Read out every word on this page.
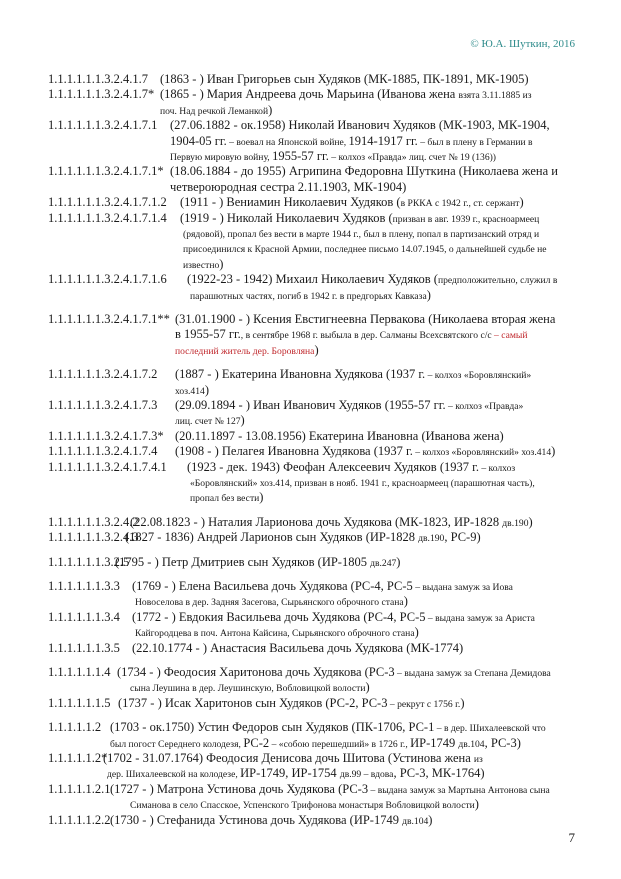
© Ю.А. Шуткин, 2016
1.1.1.1.1.1.3.2.4.1.7 (1863 - ) Иван Григорьев сын Худяков (МК-1885, ПК-1891, МК-1905)
1.1.1.1.1.1.3.2.4.1.7* (1865 - ) Мария Андреева дочь Марьина (Иванова жена взята 3.11.1885 из
поч. Над речкой Леманкой)
1.1.1.1.1.1.3.2.4.1.7.1 (27.06.1882 - ок.1958) Николай Иванович Худяков (МК-1903, МК-1904,
1904-05 гг. – воевал на Японской войне, 1914-1917 гг. – был в плену в Германии в
Первую мировую войну, 1955-57 гг. – колхоз «Правда» лиц. счет № 19 (136))
1.1.1.1.1.1.3.2.4.1.7.1* (18.06.1884 - до 1955) Агрипина Федоровна Шуткина (Николаева жена и
четвероюродная сестра 2.11.1903, МК-1904)
1.1.1.1.1.1.3.2.4.1.7.1.2 (1911 - ) Вениамин Николаевич Худяков (в РККА с 1942 г., ст. сержант)
1.1.1.1.1.1.3.2.4.1.7.1.4 (1919 - ) Николай Николаевич Худяков (призван в авг. 1939 г., красноармеец
(рядовой), пропал без вести в марте 1944 г., был в плену, попал в партизанский отряд и
присоединился к Красной Армии, последнее письмо 14.07.1945, о дальнейшей судьбе не
известно)
1.1.1.1.1.1.3.2.4.1.7.1.6 (1922-23 - 1942) Михаил Николаевич Худяков (предположительно, служил в
парашютных частях, погиб в 1942 г. в предгорьях Кавказа)
1.1.1.1.1.1.3.2.4.1.7.1** (31.01.1900 - ) Ксения Евстигнеевна Первакова (Николаева вторая жена
в 1955-57 гг., в сентябре 1968 г. выбыла в дер. Салманы Всехсвятского с/с – самый
последний житель дер. Боровляна)
1.1.1.1.1.1.3.2.4.1.7.2 (1887 - ) Екатерина Ивановна Худякова (1937 г. – колхоз «Боровлянский»
хоз.414)
1.1.1.1.1.1.3.2.4.1.7.3 (29.09.1894 - ) Иван Иванович Худяков (1955-57 гг. – колхоз «Правда»
лиц. счет № 127)
1.1.1.1.1.1.3.2.4.1.7.3* (20.11.1897 - 13.08.1956) Екатерина Ивановна (Иванова жена)
1.1.1.1.1.1.3.2.4.1.7.4 (1908 - ) Пелагея Ивановна Худякова (1937 г. – колхоз «Боровлянский» хоз.414)
1.1.1.1.1.1.3.2.4.1.7.4.1 (1923 - дек. 1943) Феофан Алексеевич Худяков (1937 г. – колхоз
«Боровлянский» хоз.414, призван в нояб. 1941 г., красноармеец (парашютная часть),
пропал без вести)
1.1.1.1.1.1.3.2.4.2
(22.08.1823 - ) Наталия Ларионова дочь Худякова (МК-1823, ИР-1828 дв.190)
1.1.1.1.1.1.3.2.4.3
(1827 - 1836) Андрей Ларионов сын Худяков (ИР-1828 дв.190, РС-9)
1.1.1.1.1.1.3.2.5
(1795 - ) Петр Дмитриев сын Худяков (ИР-1805 дв.247)
1.1.1.1.1.1.3.3 (1769 - ) Елена Васильева дочь Худякова (РС-4, РС-5 – выдана замуж за Иова
Новоселова в дер. Задняя Засегова, Сырьянского оброчного стана)
1.1.1.1.1.1.3.4 (1772 - ) Евдокия Васильева дочь Худякова (РС-4, РС-5 – выдана замуж за Ариста
Кайгородцева в поч. Антона Кайсина, Сырьянского оброчного стана)
1.1.1.1.1.1.3.5 (22.10.1774 - ) Анастасия Васильева дочь Худякова (МК-1774)
1.1.1.1.1.1.4 (1734 - ) Феодосия Харитонова дочь Худякова (РС-3 – выдана замуж за Степана Демидова
сына Леушина в дер. Леушинскую, Вобловицкой волости)
1.1.1.1.1.1.5 (1737 - ) Исак Харитонов сын Худяков (РС-2, РС-3 – рекрут с 1756 г.)
1.1.1.1.1.2 (1703 - ок.1750) Устин Федоров сын Худяков (ПК-1706, РС-1 – в дер. Шихалеевской что
был погост Середнего колодезя, РС-2 – «собою перешедший» в 1726 г., ИР-1749 дв.104, РС-3)
1.1.1.1.1.2*
(1702 - 31.07.1764) Феодосия Денисова дочь Шитова (Устинова жена из
дер. Шихалеевской на колодезе, ИР-1749, ИР-1754 дв.99 – вдова, РС-3, МК-1764)
1.1.1.1.1.2.1 (1727 - ) Матрона Устинова дочь Худякова (РС-3 – выдана замуж за Мартына Антонова сына
Симанова в село Спасское, Успенского Трифонова монастыря Вобловицкой волости)
1.1.1.1.1.2.2 (1730 - ) Стефанида Устинова дочь Худякова (ИР-1749 дв.104)
7
